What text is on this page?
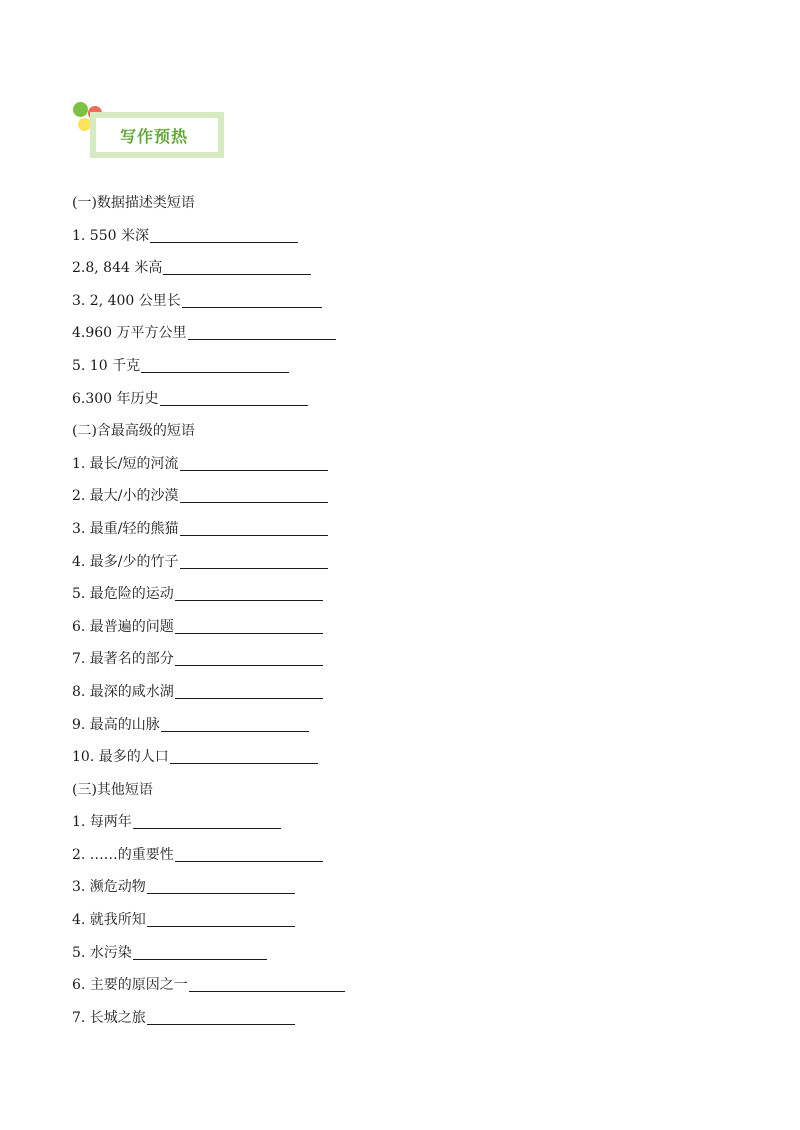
写作预热
(一)数据描述类短语
1. 550 米深
2.8, 844 米高
3. 2, 400 公里长
4.960 万平方公里
5. 10 千克
6.300 年历史
(二)含最高级的短语
1. 最长/短的河流
2. 最大/小的沙漠
3. 最重/轻的熊猫
4. 最多/少的竹子
5. 最危险的运动
6. 最普遍的问题
7. 最著名的部分
8. 最深的咸水湖
9. 最高的山脉
10. 最多的人口
(三)其他短语
1. 每两年
2. ……的重要性
3. 濒危动物
4. 就我所知
5. 水污染
6. 主要的原因之一
7. 长城之旅
